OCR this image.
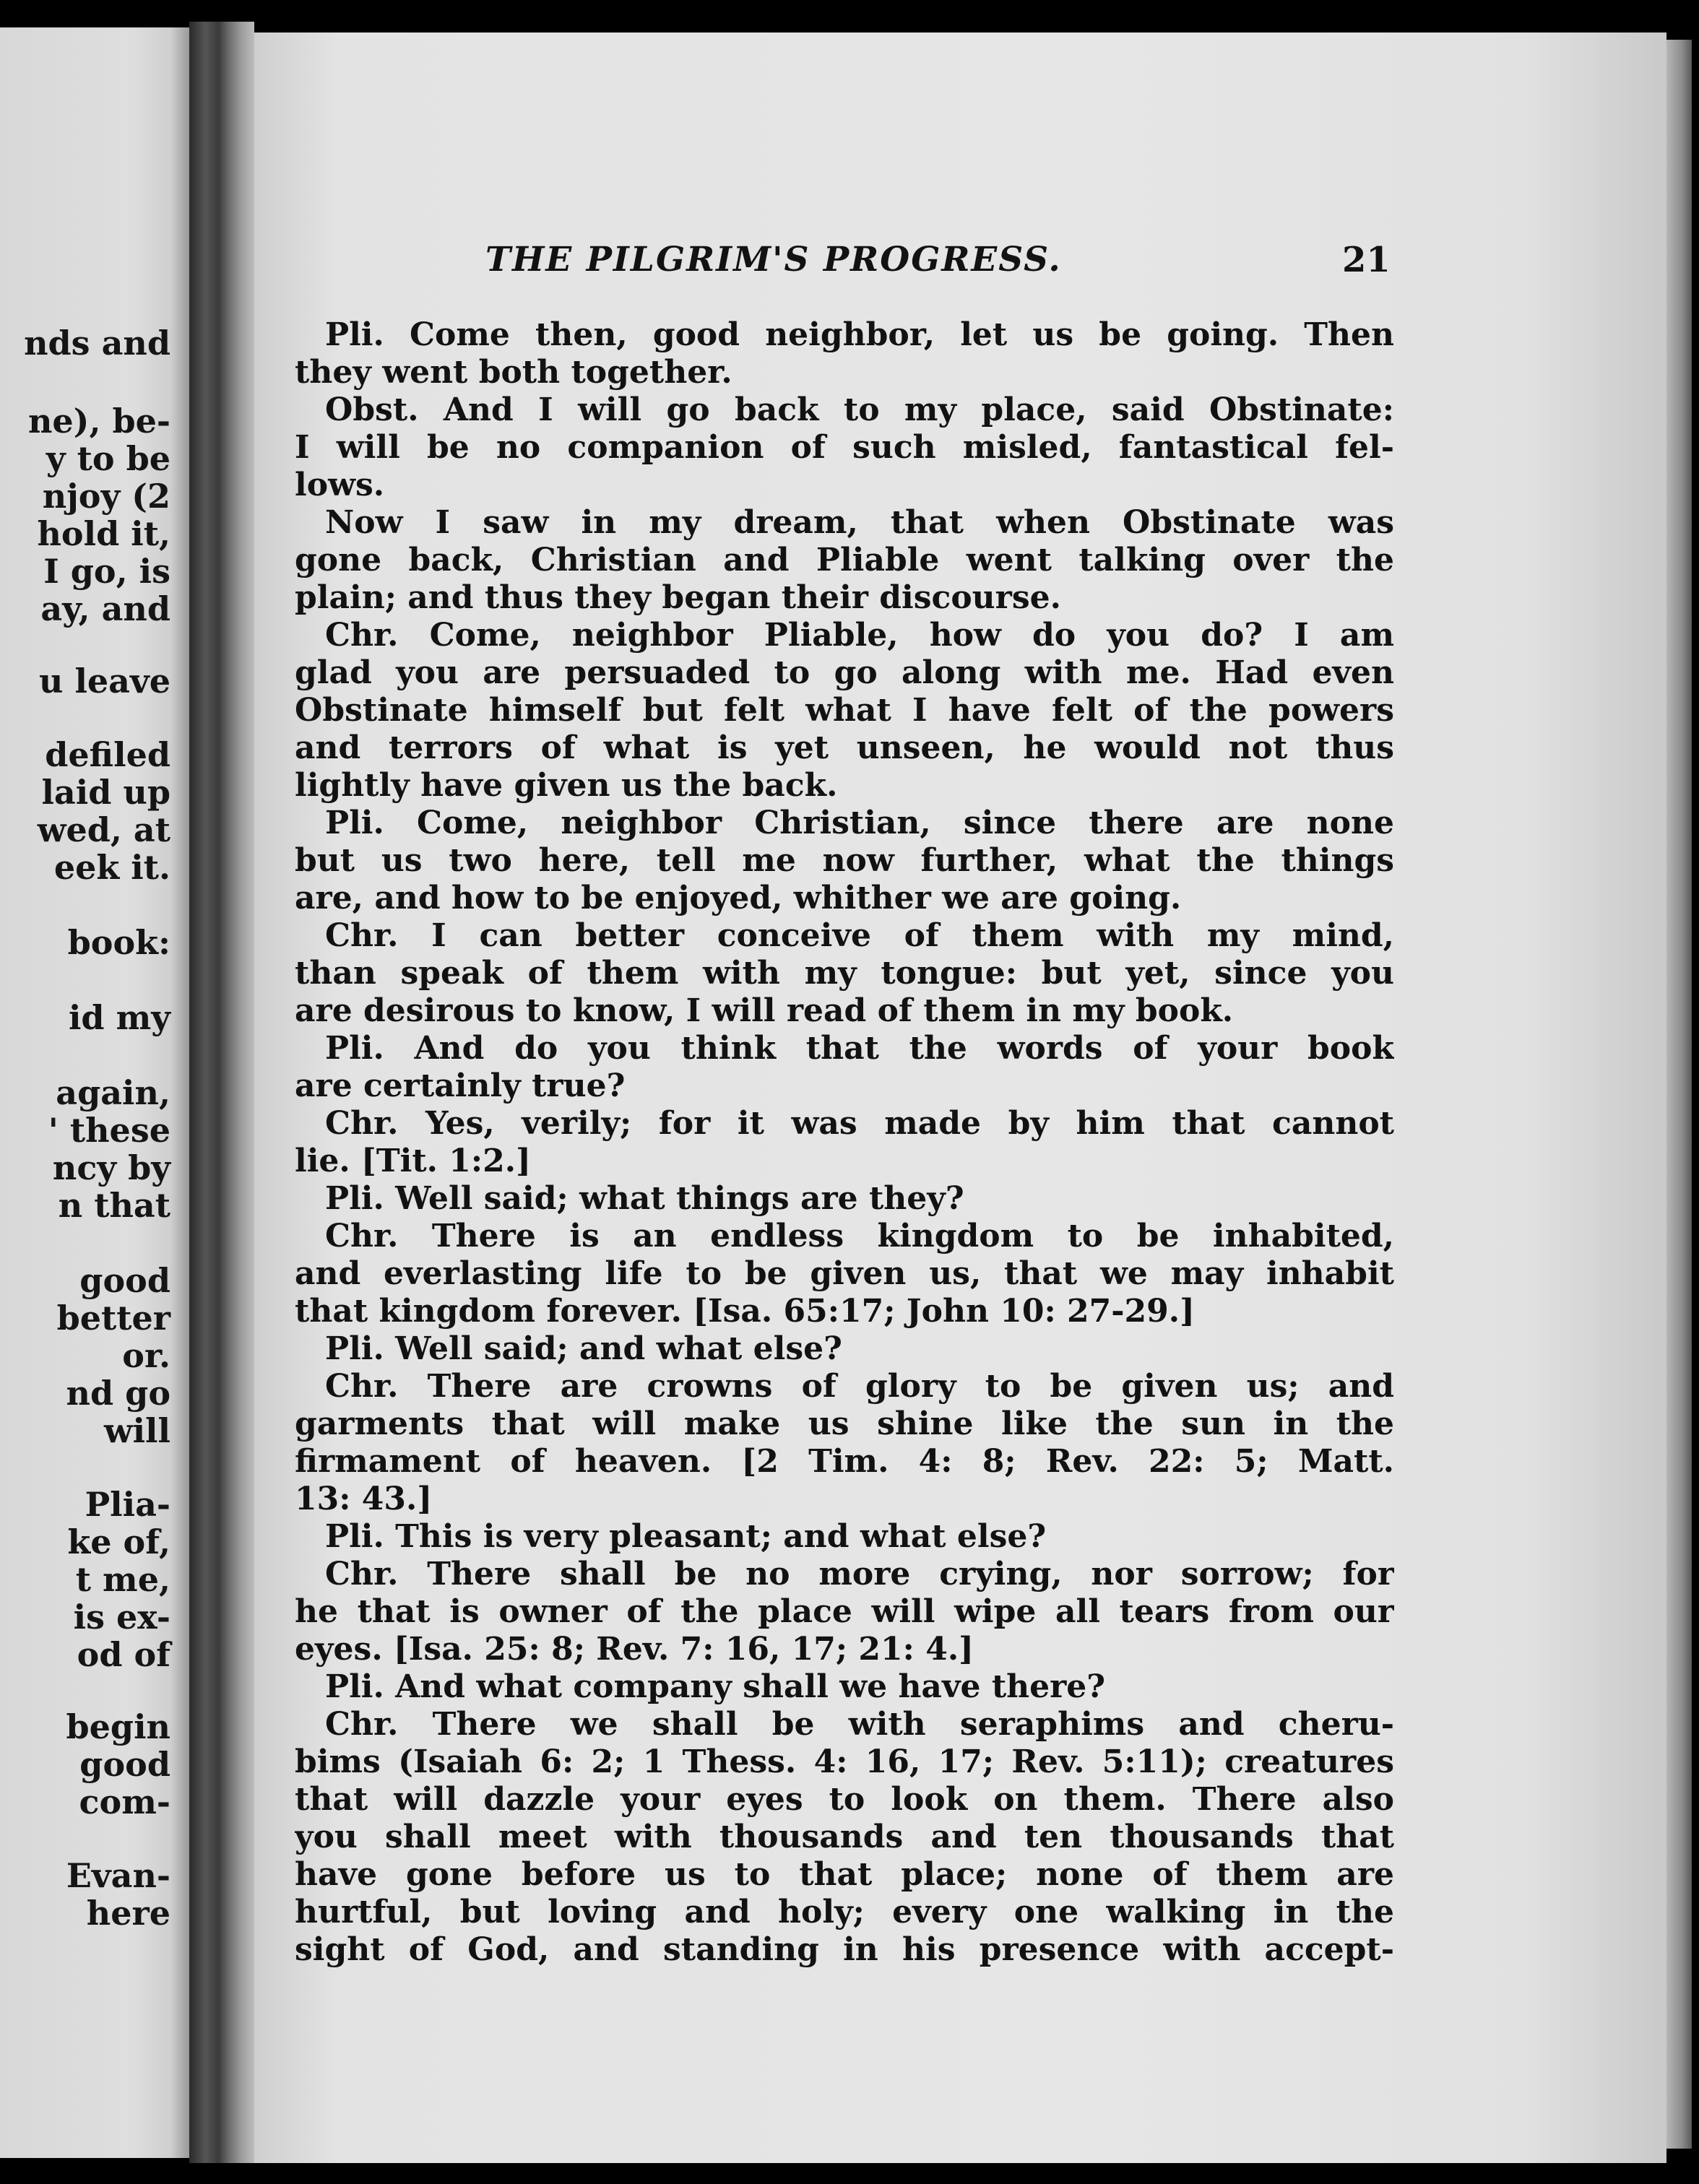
nds and
ne), be-
y to be
njoy (2
hold it,
I go, is
ay, and
u leave
defiled
laid up
wed, at
eek it.
book:
id my
again,
' these
ncy by
n that
good
better
or.
nd go
will
Plia-
ke of,
t me,
is ex-
od of
begin
good
com-
Evan-
here
THE PILGRIM'S PROGRESS.	21
Pli. Come then, good neighbor, let us be going. Then
they went both together.
Obst. And I will go back to my place, said Obstinate:
I will be no companion of such misled, fantastical fel-
lows.
Now I saw in my dream, that when Obstinate was
gone back, Christian and Pliable went talking over the
plain; and thus they began their discourse.
Chr. Come, neighbor Pliable, how do you do? I am
glad you are persuaded to go along with me. Had even
Obstinate himself but felt what I have felt of the powers
and terrors of what is yet unseen, he would not thus
lightly have given us the back.
Pli. Come, neighbor Christian, since there are none
but us two here, tell me now further, what the things
are, and how to be enjoyed, whither we are going.
Chr. I can better conceive of them with my mind,
than speak of them with my tongue: but yet, since you
are desirous to know, I will read of them in my book.
Pli. And do you think that the words of your book
are certainly true?
Chr. Yes, verily; for it was made by him that cannot
lie. [Tit. 1:2.]
Pli. Well said; what things are they?
Chr. There is an endless kingdom to be inhabited,
and everlasting life to be given us, that we may inhabit
that kingdom forever. [Isa. 65:17; John 10: 27-29.]
Pli. Well said; and what else?
Chr. There are crowns of glory to be given us; and
garments that will make us shine like the sun in the
firmament of heaven. [2 Tim. 4: 8; Rev. 22: 5; Matt.
13: 43.]
Pli. This is very pleasant; and what else?
Chr. There shall be no more crying, nor sorrow; for
he that is owner of the place will wipe all tears from our
eyes. [Isa. 25: 8; Rev. 7: 16, 17; 21: 4.]
Pli. And what company shall we have there?
Chr. There we shall be with seraphims and cheru-
bims (Isaiah 6: 2; 1 Thess. 4: 16, 17; Rev. 5:11); creatures
that will dazzle your eyes to look on them. There also
you shall meet with thousands and ten thousands that
have gone before us to that place; none of them are
hurtful, but loving and holy; every one walking in the
sight of God, and standing in his presence with accept-
